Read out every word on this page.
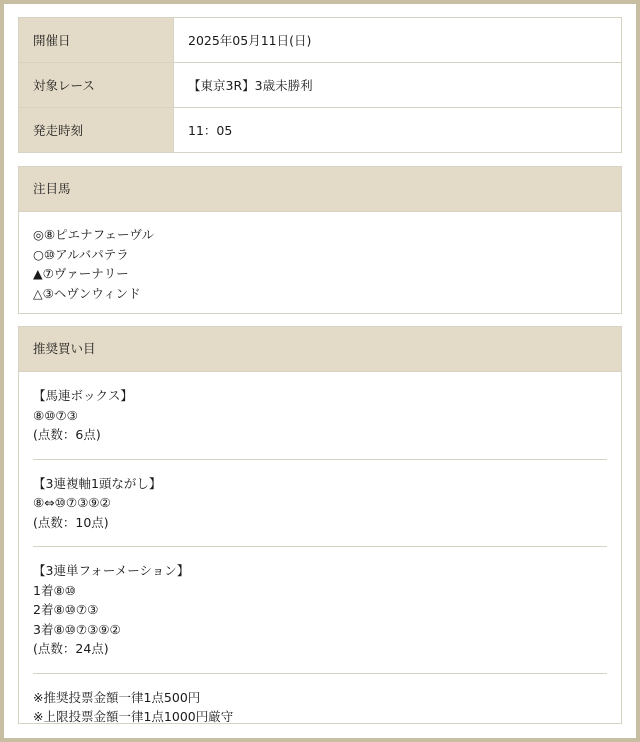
開催日	2025年05月11日(日)
対象レース	【東京3R】3歳未勝利
発走時刻	11：05
注目馬
◎⑧ピエナフェーヴル
○⑩アルバパテラ
▲⑦ヴァーナリー
△③ヘヴンウィンド
推奨買い目
【馬連ボックス】
⑧⑩⑦③
(点数：6点)
【3連複軸1頭ながし】
⑧⇔⑩⑦③⑨②
(点数：10点)
【3連単フォーメーション】
1着⑧⑩
2着⑧⑩⑦③
3着⑧⑩⑦③⑨②
(点数：24点)
※推奨投票金額一律1点500円
※上限投票金額一律1点1000円厳守
